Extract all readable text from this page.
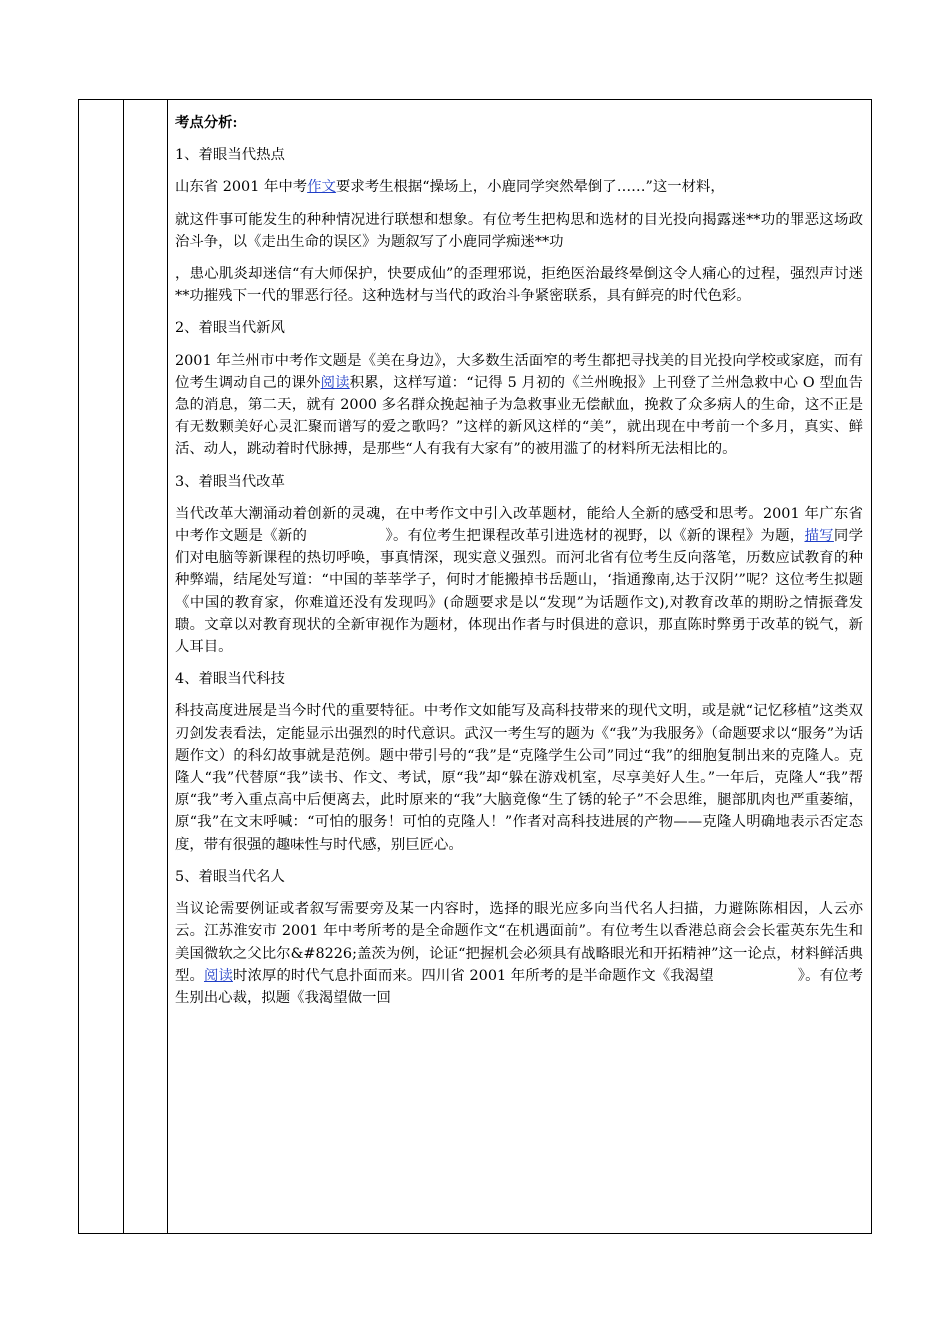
考点分析:

1、着眼当代热点

山东省 2001 年中考作文要求考生根据“操场上，小鹿同学突然晕倒了……”这一材料，

就这件事可能发生的种种情况进行联想和想象。有位考生把构思和选材的目光投向揭露迷**功的罪恶这场政治斗争，以《走出生命的误区》为题叙写了小鹿同学痴迷**功

，患心肌炎却迷信“有大师保护，快要成仙”的歪理邪说，拒绝医治最终晕倒这令人痛心的过程，强烈声讨迷**功摧残下一代的罪恶行径。这种选材与当代的政治斗争紧密联系，具有鲜亮的时代色彩。

2、着眼当代新风

2001 年兰州市中考作文题是《美在身边》，大多数生活面窄的考生都把寻找美的目光投向学校或家庭，而有位考生调动自己的课外阅读积累，这样写道：“记得 5 月初的《兰州晚报》上刊登了兰州急救中心 O 型血告急的消息，第二天，就有 2000 多名群众挽起袖子为急救事业无偿献血，挽救了众多病人的生命，这不正是有无数颗美好心灵汇聚而谱写的爱之歌吗？”这样的新风这样的“美”，就出现在中考前一个多月，真实、鲜活、动人，跳动着时代脉搏，是那些“人有我有大家有”的被用滥了的材料所无法相比的。

3、着眼当代改革

当代改革大潮涌动着创新的灵魂，在中考作文中引入改革题材，能给人全新的感受和思考。2001 年广东省中考作文题是《新的	》。有位考生把课程改革引进选材的视野，以《新的课程》为题，描写同学们对电脑等新课程的热切呼唤，事真情深，现实意义强烈。而河北省有位考生反向落笔，历数应试教育的种种弊端，结尾处写道：“中国的莘莘学子，何时才能搬掉书岳题山，‘指通豫南,达于汉阴’”呢？这位考生拟题《中国的教育家，你难道还没有发现吗》(命题要求是以“发现”为话题作文),对教育改革的期盼之情振聋发聩。文章以对教育现状的全新审视作为题材，体现出作者与时俱进的意识，那直陈时弊勇于改革的锐气，新人耳目。

4、着眼当代科技

科技高度进展是当今时代的重要特征。中考作文如能写及高科技带来的现代文明，或是就“记忆移植”这类双刃剑发表看法，定能显示出强烈的时代意识。武汉一考生写的题为《“我”为我服务》（命题要求以“服务”为话题作文）的科幻故事就是范例。题中带引号的“我”是“克隆学生公司”同过“我”的细胞复制出来的克隆人。克隆人“我”代替原“我”读书、作文、考试，原“我”却“躲在游戏机室，尽享美好人生。”一年后，克隆人“我”帮原“我”考入重点高中后便离去，此时原来的“我”大脑竟像“生了锈的轮子”不会思维，腿部肌肉也严重萎缩，原“我”在文末呼喊：“可怕的服务！可怕的克隆人！”作者对高科技进展的产物——克隆人明确地表示否定态度，带有很强的趣味性与时代感，别巨匠心。

5、着眼当代名人

当议论需要例证或者叙写需要旁及某一内容时，选择的眼光应多向当代名人扫描，力避陈陈相因，人云亦云。江苏淮安市 2001 年中考所考的是全命题作文“在机遇面前”。有位考生以香港总商会会长霍英东先生和美国微软之父比尔&#8226;盖茨为例，论证“把握机会必须具有战略眼光和开拓精神”这一论点，材料鲜活典型。阅读时浓厚的时代气息扑面而来。四川省 2001 年所考的是半命题作文《我渴望	》。有位考生别出心裁，拟题《我渴望做一回
